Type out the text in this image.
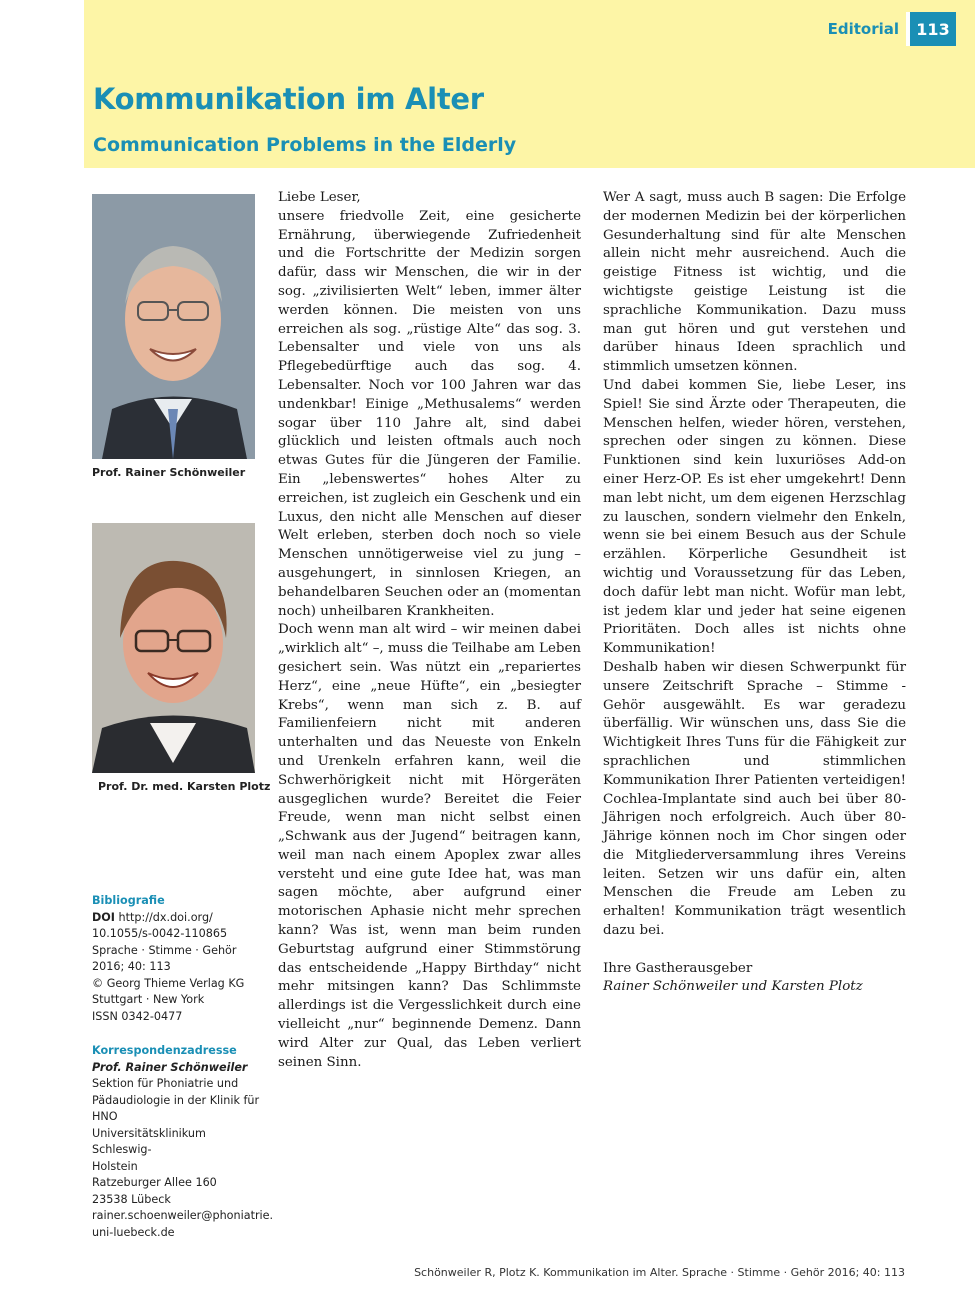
Editorial	113
Kommunikation im Alter
Communication Problems in the Elderly
Prof. Rainer Schönweiler
Prof. Dr. med. Karsten Plotz
Bibliografie
DOI http://dx.doi.org/
10.1055/s-0042-110865
Sprache · Stimme · Gehör
2016; 40: 113
© Georg Thieme Verlag KG
Stuttgart · New York
ISSN 0342-0477
Korrespondenzadresse
Prof. Rainer Schönweiler
Sektion für Phoniatrie und
Pädaudiologie in der Klinik für
HNO
Universitätsklinikum Schleswig-
Holstein
Ratzeburger Allee 160
23538 Lübeck
rainer.schoenweiler@phoniatrie.
uni-luebeck.de

Liebe Leser,

unsere friedvolle Zeit, eine gesicherte Ernährung, überwiegende Zufriedenheit und die Fortschritte der Medizin sorgen dafür, dass wir Menschen, die wir in der sog. „zivilisierten Welt“ leben, immer älter werden können. Die meisten von uns erreichen als sog. „rüstige Alte“ das sog. 3. Lebensalter und viele von uns als Pflegebedürftige auch das sog. 4. Lebensalter. Noch vor 100 Jahren war das undenkbar! Einige „Methusalems“ werden sogar über 110 Jahre alt, sind dabei glücklich und leisten oftmals auch noch etwas Gutes für die Jüngeren der Familie. Ein „lebenswertes“ hohes Alter zu erreichen, ist zugleich ein Geschenk und ein Luxus, den nicht alle Menschen auf dieser Welt erleben, sterben doch noch so viele Menschen unnötigerweise viel zu jung – ausgehungert, in sinnlosen Kriegen, an behandelbaren Seuchen oder an (momentan noch) unheilbaren Krankheiten.

Doch wenn man alt wird – wir meinen dabei „wirklich alt“ –, muss die Teilhabe am Leben gesichert sein. Was nützt ein „repariertes Herz“, eine „neue Hüfte“, ein „besiegter Krebs“, wenn man sich z. B. auf Familienfeiern nicht mit anderen unterhalten und das Neueste von Enkeln und Urenkeln erfahren kann, weil die Schwerhörigkeit nicht mit Hörgeräten ausgeglichen wurde? Bereitet die Feier Freude, wenn man nicht selbst einen „Schwank aus der Jugend“ beitragen kann, weil man nach einem Apoplex zwar alles versteht und eine gute Idee hat, was man sagen möchte, aber aufgrund einer motorischen Aphasie nicht mehr sprechen kann? Was ist, wenn man beim runden Geburtstag aufgrund einer Stimmstörung das entscheidende „Happy Birthday“ nicht mehr mitsingen kann? Das Schlimmste allerdings ist die Vergesslichkeit durch eine vielleicht „nur“ beginnende Demenz. Dann wird Alter zur Qual, das Leben verliert seinen Sinn.

Wer A sagt, muss auch B sagen: Die Erfolge der modernen Medizin bei der körperlichen Gesunderhaltung sind für alte Menschen allein nicht mehr ausreichend. Auch die geistige Fitness ist wichtig, und die wichtigste geistige Leistung ist die sprachliche Kommunikation. Dazu muss man gut hören und gut verstehen und darüber hinaus Ideen sprachlich und stimmlich umsetzen können.

Und dabei kommen Sie, liebe Leser, ins Spiel! Sie sind Ärzte oder Therapeuten, die Menschen helfen, wieder hören, verstehen, sprechen oder singen zu können. Diese Funktionen sind kein luxuriöses Add-on einer Herz-OP. Es ist eher umgekehrt! Denn man lebt nicht, um dem eigenen Herzschlag zu lauschen, sondern vielmehr den Enkeln, wenn sie bei einem Besuch aus der Schule erzählen. Körperliche Gesundheit ist wichtig und Voraussetzung für das Leben, doch dafür lebt man nicht. Wofür man lebt, ist jedem klar und jeder hat seine eigenen Prioritäten. Doch alles ist nichts ohne Kommunikation!

Deshalb haben wir diesen Schwerpunkt für unsere Zeitschrift Sprache – Stimme - Gehör ausgewählt. Es war geradezu überfällig. Wir wünschen uns, dass Sie die Wichtigkeit Ihres Tuns für die Fähigkeit zur sprachlichen und stimmlichen Kommunikation Ihrer Patienten verteidigen! Cochlea-Implantate sind auch bei über 80-Jährigen noch erfolgreich. Auch über 80-Jährige können noch im Chor singen oder die Mitgliederversammlung ihres Vereins leiten. Setzen wir uns dafür ein, alten Menschen die Freude am Leben zu erhalten! Kommunikation trägt wesentlich dazu bei.

Ihre Gastherausgeber

Rainer Schönweiler und Karsten Plotz

Schönweiler R, Plotz K. Kommunikation im Alter. Sprache · Stimme · Gehör 2016; 40: 113
